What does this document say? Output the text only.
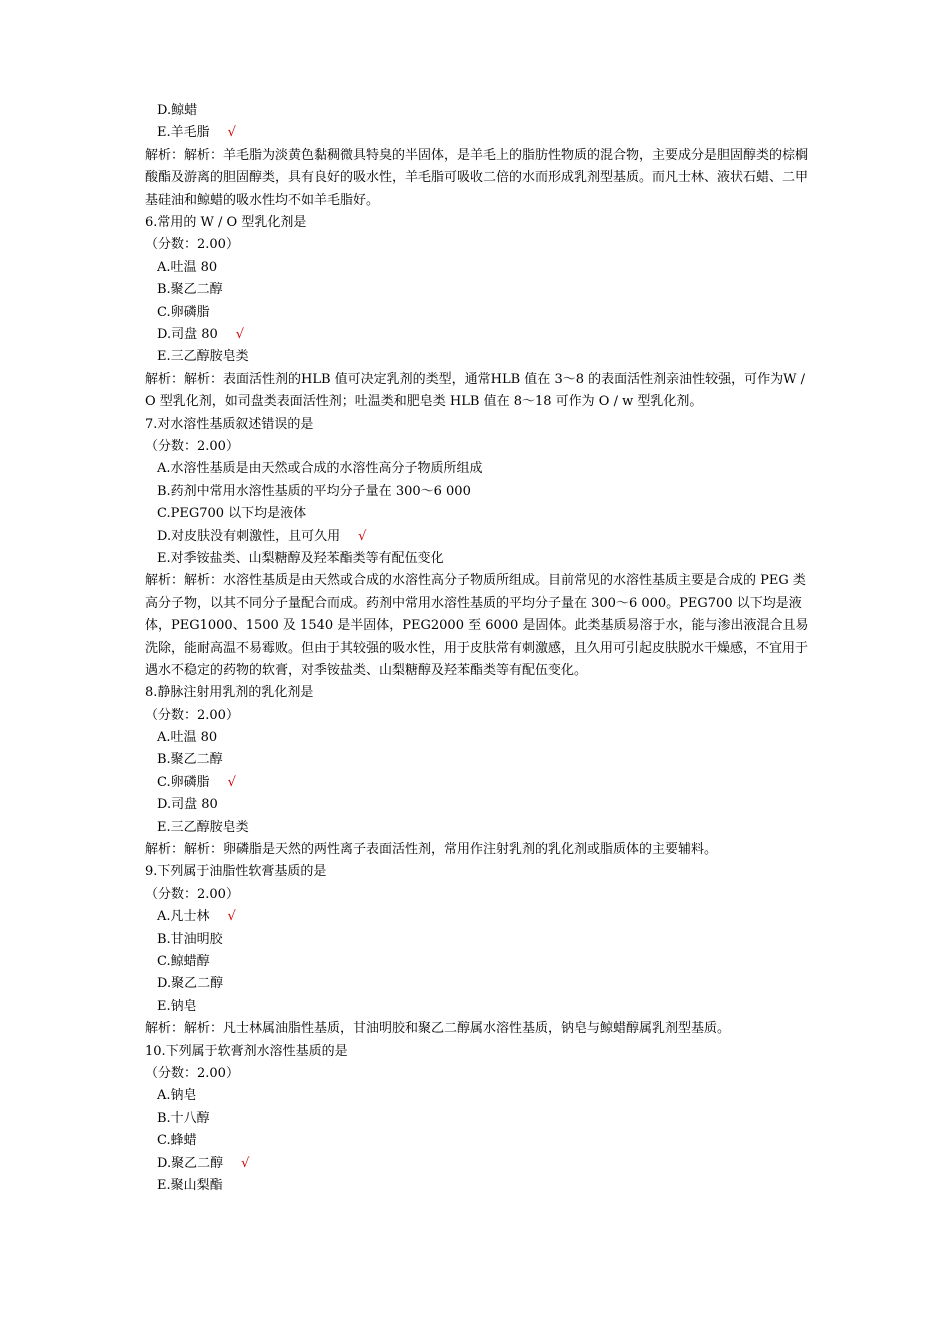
D.鲸蜡
E.羊毛脂 √
解析：解析：羊毛脂为淡黄色黏稠微具特臭的半固体，是羊毛上的脂肪性物质的混合物，主要成分是胆固醇类的棕榈酸酯及游离的胆固醇类，具有良好的吸水性，羊毛脂可吸收二倍的水而形成乳剂型基质。而凡士林、液状石蜡、二甲基硅油和鲸蜡的吸水性均不如羊毛脂好。
6.常用的 W / O 型乳化剂是
（分数：2.00）
A.吐温 80
B.聚乙二醇
C.卵磷脂
D.司盘 80 √
E.三乙醇胺皂类
解析：解析：表面活性剂的HLB 值可决定乳剂的类型，通常HLB 值在 3～8 的表面活性剂亲油性较强，可作为W / O 型乳化剂，如司盘类表面活性剂；吐温类和肥皂类 HLB 值在 8～18 可作为 O / w 型乳化剂。
7.对水溶性基质叙述错误的是
（分数：2.00）
A.水溶性基质是由天然或合成的水溶性高分子物质所组成
B.药剂中常用水溶性基质的平均分子量在 300～6 000
C.PEG700 以下均是液体
D.对皮肤没有刺激性，且可久用 √
E.对季铵盐类、山梨糖醇及羟苯酯类等有配伍变化
解析：解析：水溶性基质是由天然或合成的水溶性高分子物质所组成。目前常见的水溶性基质主要是合成的 PEG 类高分子物，以其不同分子量配合而成。药剂中常用水溶性基质的平均分子量在 300～6 000。PEG700 以下均是液体，PEG1000、1500 及 1540 是半固体，PEG2000 至 6000 是固体。此类基质易溶于水，能与渗出液混合且易洗除，能耐高温不易霉败。但由于其较强的吸水性，用于皮肤常有刺激感，且久用可引起皮肤脱水干燥感，不宜用于遇水不稳定的药物的软膏，对季铵盐类、山梨糖醇及羟苯酯类等有配伍变化。
8.静脉注射用乳剂的乳化剂是
（分数：2.00）
A.吐温 80
B.聚乙二醇
C.卵磷脂 √
D.司盘 80
E.三乙醇胺皂类
解析：解析：卵磷脂是天然的两性离子表面活性剂，常用作注射乳剂的乳化剂或脂质体的主要辅料。
9.下列属于油脂性软膏基质的是
（分数：2.00）
A.凡士林 √
B.甘油明胶
C.鲸蜡醇
D.聚乙二醇
E.钠皂
解析：解析：凡士林属油脂性基质，甘油明胶和聚乙二醇属水溶性基质，钠皂与鲸蜡醇属乳剂型基质。
10.下列属于软膏剂水溶性基质的是
（分数：2.00）
A.钠皂
B.十八醇
C.蜂蜡
D.聚乙二醇 √
E.聚山梨酯
